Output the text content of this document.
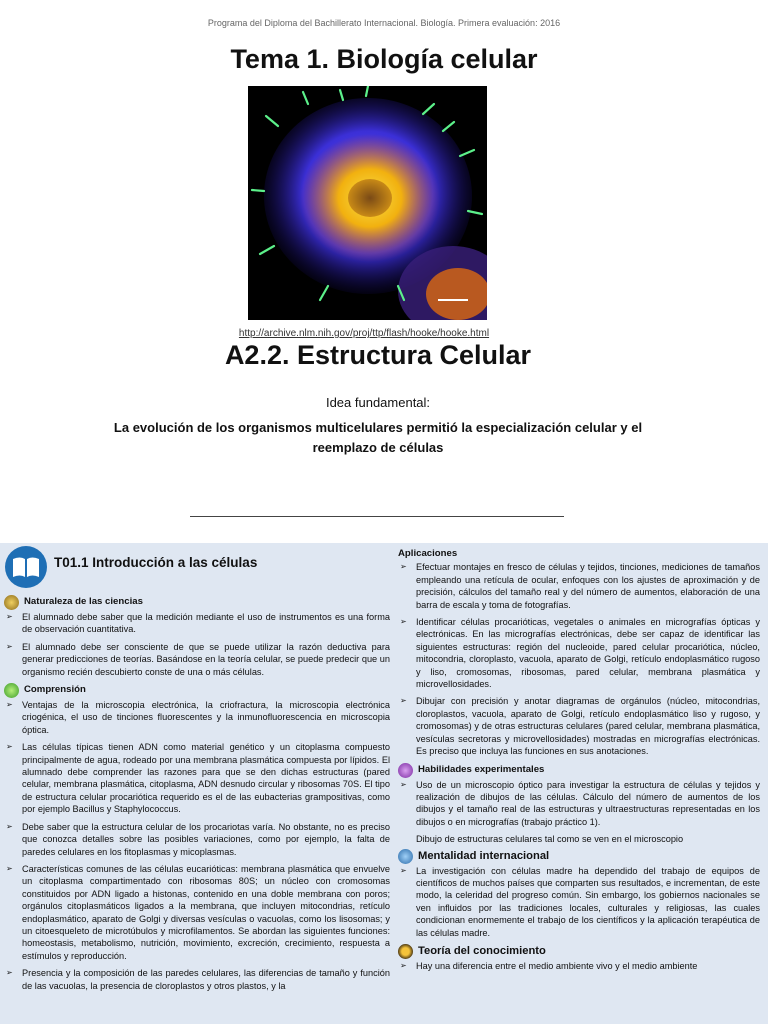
Programa del Diploma del Bachillerato Internacional. Biología. Primera evaluación: 2016
Tema 1. Biología celular
http://archive.nlm.nih.gov/proj/ttp/flash/hooke/hooke.html
A2.2. Estructura Celular
Idea fundamental:
La evolución de los organismos multicelulares permitió la especialización celular y el reemplazo de células
T01.1 Introducción a las células
Naturaleza de las ciencias
➢ El alumnado debe saber que la medición mediante el uso de instrumentos es una forma de observación cuantitativa.
➢ El alumnado debe ser consciente de que se puede utilizar la razón deductiva para generar predicciones de teorías. Basándose en la teoría celular, se puede predecir que un organismo recién descubierto conste de una o más células.
Comprensión
➢ Ventajas de la microscopia electrónica, la criofractura, la microscopia electrónica criogénica, el uso de tinciones fluorescentes y la inmunofluorescencia en microscopia óptica.
➢ Las células típicas tienen ADN como material genético y un citoplasma compuesto principalmente de agua, rodeado por una membrana plasmática compuesta por lípidos. El alumnado debe comprender las razones para que se den dichas estructuras (pared celular, membrana plasmática, citoplasma, ADN desnudo circular y ribosomas 70S. El tipo de estructura celular procariótica requerido es el de las eubacterias grampositivas, como por ejemplo Bacillus y Staphylococcus.
➢ Debe saber que la estructura celular de los procariotas varía. No obstante, no es preciso que conozca detalles sobre las posibles variaciones, como por ejemplo, la falta de paredes celulares en los fitoplasmas y micoplasmas.
➢ Características comunes de las células eucarióticas: membrana plasmática que envuelve un citoplasma compartimentado con ribosomas 80S; un núcleo con cromosomas constituidos por ADN ligado a histonas, contenido en una doble membrana con poros; orgánulos citoplasmáticos ligados a la membrana, que incluyen mitocondrias, retículo endoplasmático, aparato de Golgi y diversas vesículas o vacuolas, como los lisosomas; y un citoesqueleto de microtúbulos y microfilamentos. Se abordan las siguientes funciones: homeostasis, metabolismo, nutrición, movimiento, excreción, crecimiento, respuesta a estímulos y reproducción.
➢ Presencia y la composición de las paredes celulares, las diferencias de tamaño y función de las vacuolas, la presencia de cloroplastos y otros plastos, y la
Aplicaciones
➢ Efectuar montajes en fresco de células y tejidos, tinciones, mediciones de tamaños empleando una retícula de ocular, enfoques con los ajustes de aproximación y de precisión, cálculos del tamaño real y del número de aumentos, elaboración de una barra de escala y toma de fotografías.
➢ Identificar células procarióticas, vegetales o animales en micrografías ópticas y electrónicas. En las micrografías electrónicas, debe ser capaz de identificar las siguientes estructuras: región del nucleoide, pared celular procariótica, núcleo, mitocondria, cloroplasto, vacuola, aparato de Golgi, retículo endoplasmático rugoso y liso, cromosomas, ribosomas, pared celular, membrana plasmática y microvellosidades.
➢ Dibujar con precisión y anotar diagramas de orgánulos (núcleo, mitocondrias, cloroplastos, vacuola, aparato de Golgi, retículo endoplasmático liso y rugoso, y cromosomas) y de otras estructuras celulares (pared celular, membrana plasmática, vesículas secretoras y microvellosidades) mostradas en micrografías electrónicas. Es preciso que incluya las funciones en sus anotaciones.
Habilidades experimentales
➢ Uso de un microscopio óptico para investigar la estructura de células y tejidos y realización de dibujos de las células. Cálculo del número de aumentos de los dibujos y el tamaño real de las estructuras y ultraestructuras representadas en los dibujos o en micrografías (trabajo práctico 1).
Dibujo de estructuras celulares tal como se ven en el microscopio
Mentalidad internacional
➢ La investigación con células madre ha dependido del trabajo de equipos de científicos de muchos países que comparten sus resultados, e incrementan, de este modo, la celeridad del progreso común. Sin embargo, los gobiernos nacionales se ven influidos por las tradiciones locales, culturales y religiosas, las cuales condicionan enormemente el trabajo de los científicos y la aplicación terapéutica de las células madre.
Teoría del conocimiento
➢ Hay una diferencia entre el medio ambiente vivo y el medio ambiente
